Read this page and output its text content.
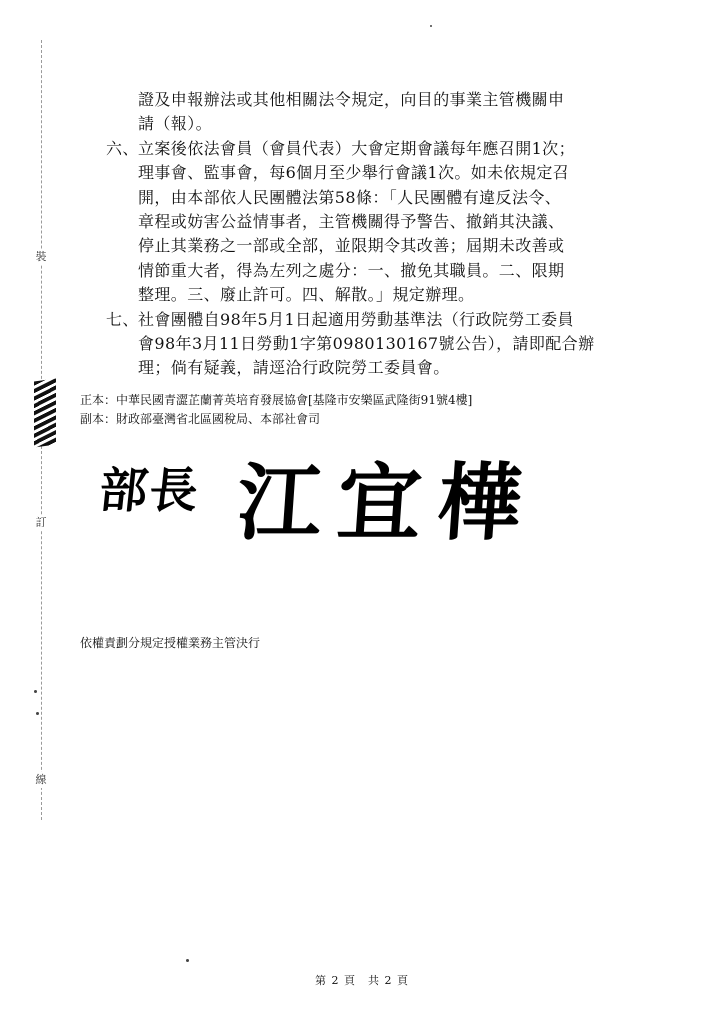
裝
訂
線
證及申報辦法或其他相關法令規定，向目的事業主管機關申
請（報）。
六、 立案後依法會員（會員代表）大會定期會議每年應召開1次；
理事會、監事會，每6個月至少舉行會議1次。如未依規定召
開，由本部依人民團體法第58條：「人民團體有違反法令、
章程或妨害公益情事者，主管機關得予警告、撤銷其決議、
停止其業務之一部或全部，並限期令其改善；屆期未改善或
情節重大者，得為左列之處分：一、撤免其職員。二、限期
整理。三、廢止許可。四、解散。」規定辦理。
七、 社會團體自98年5月1日起適用勞動基準法（行政院勞工委員
會98年3月11日勞動1字第0980130167號公告），請即配合辦
理；倘有疑義，請逕洽行政院勞工委員會。
正本：中華民國青澀芷蘭菁英培育發展協會[基隆市安樂區武隆街91號4樓]
副本：財政部臺灣省北區國稅局、本部社會司
部長 江宜樺
依權責劃分規定授權業務主管決行
第 2 頁　共 2 頁
